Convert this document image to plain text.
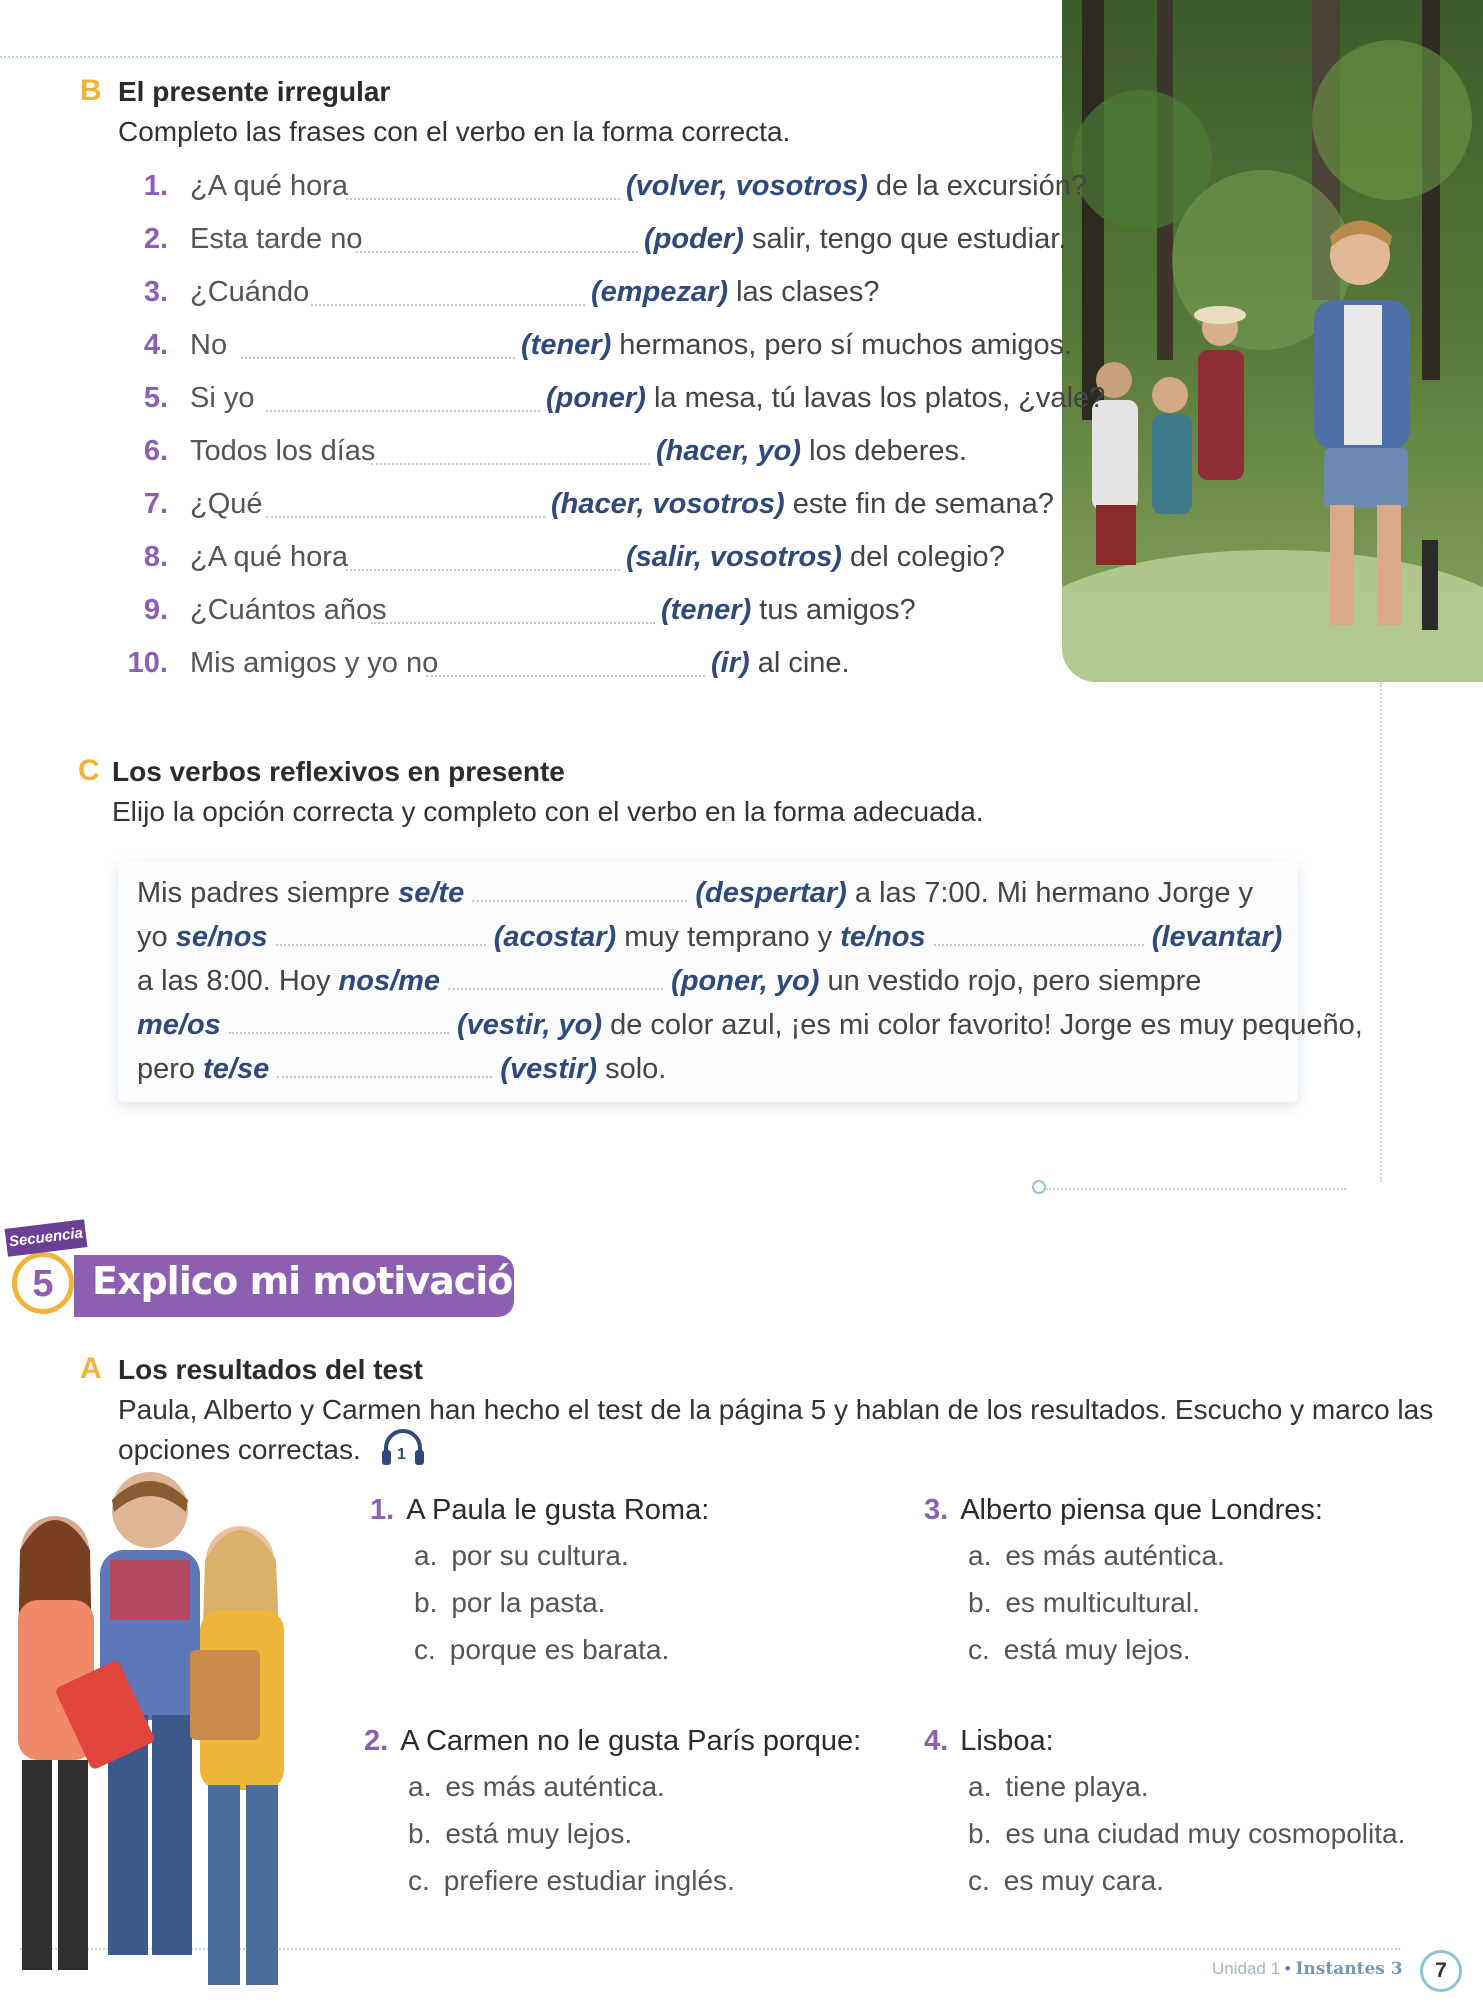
B El presente irregular
Completo las frases con el verbo en la forma correcta.
1. ¿A qué hora	(volver, vosotros) de la excursión?
2. Esta tarde no	(poder) salir, tengo que estudiar.
3. ¿Cuándo	(empezar) las clases?
4. No	(tener) hermanos, pero sí muchos amigos.
5. Si yo	(poner) la mesa, tú lavas los platos, ¿vale?
6. Todos los días	(hacer, yo) los deberes.
7. ¿Qué	(hacer, vosotros) este fin de semana?
8. ¿A qué hora	(salir, vosotros) del colegio?
9. ¿Cuántos años	(tener) tus amigos?
10. Mis amigos y yo no	(ir) al cine.
C Los verbos reflexivos en presente
Elijo la opción correcta y completo con el verbo en la forma adecuada.
Mis padres siempre se/te	(despertar) a las 7:00. Mi hermano Jorge y
yo se/nos	(acostar) muy temprano y te/nos	(levantar)
a las 8:00. Hoy nos/me	(poner, yo) un vestido rojo, pero siempre
me/os	(vestir, yo) de color azul, ¡es mi color favorito! Jorge es muy pequeño,
pero te/se	(vestir) solo.
Explico mi motivación
5
Secuencia
A Los resultados del test
Paula, Alberto y Carmen han hecho el test de la página 5 y hablan de los resultados. Escucho y marco las
opciones correctas. 1
1. A Paula le gusta Roma:
a. por su cultura.
b. por la pasta.
c. porque es barata.
2. A Carmen no le gusta París porque:
a. es más auténtica.
b. está muy lejos.
c. prefiere estudiar inglés.
3. Alberto piensa que Londres:
a. es más auténtica.
b. es multicultural.
c. está muy lejos.
4. Lisboa:
a. tiene playa.
b. es una ciudad muy cosmopolita.
c. es muy cara.
Unidad 1 • Instantes 3	7
